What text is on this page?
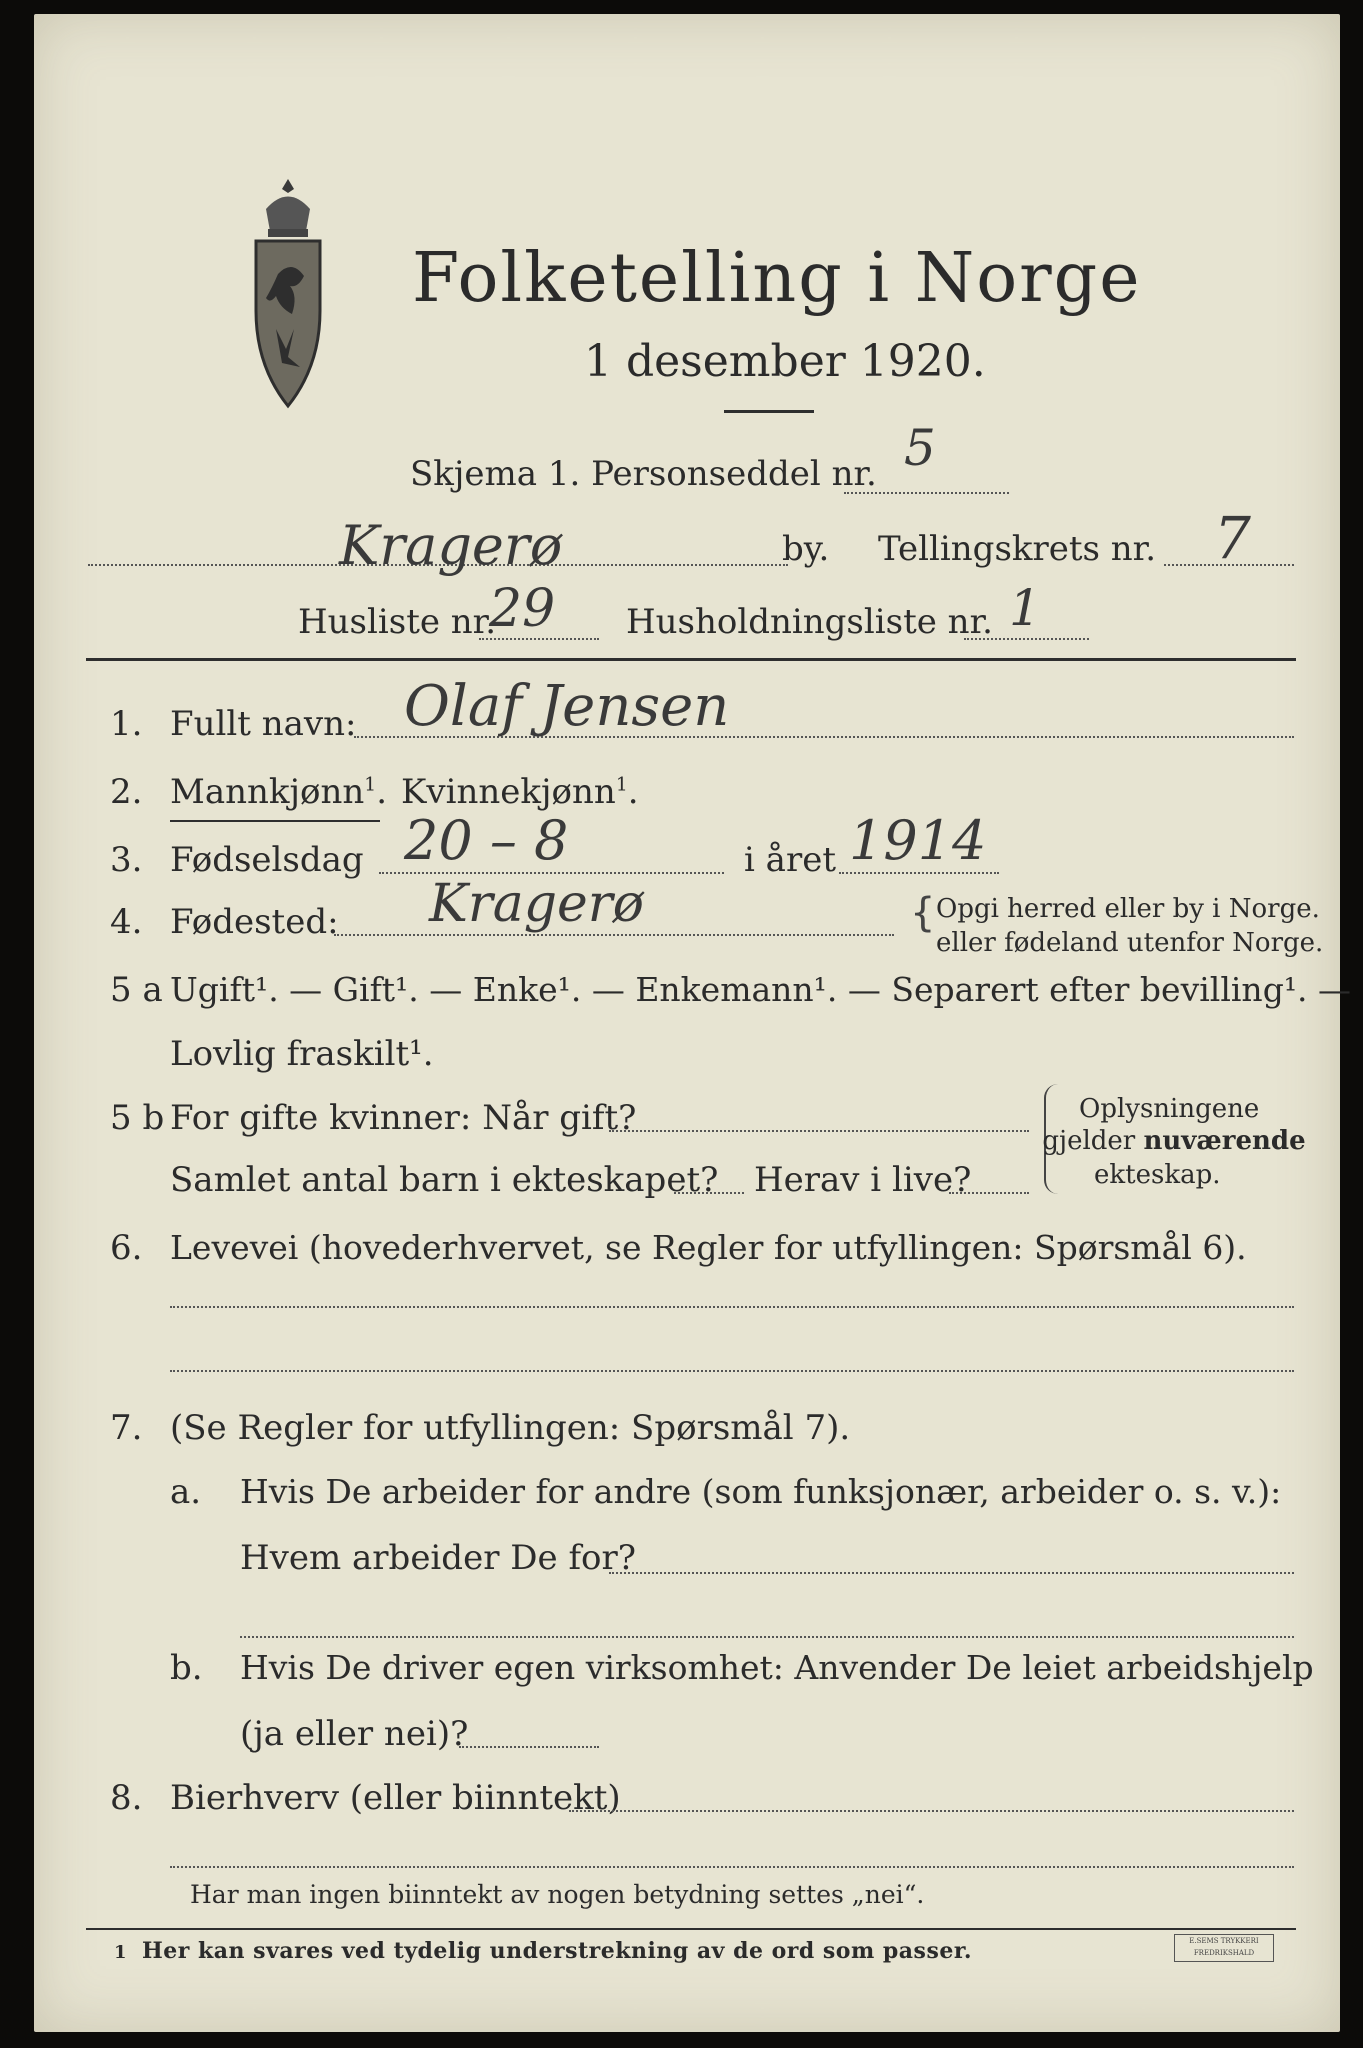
Folketelling i Norge
1 desember 1920.
Skjema 1. Personseddel nr. 5
Kragerø	by. Tellingskrets nr. 7
Husliste nr.
29 Husholdningsliste nr. 1
1. Fullt navn: Olaf Jensen
2. Mannkjønn$^1$. Kvinnekjønn$^1$.
3. Fødselsdag 20 – 8	i året 1914
4. Fødested: Kragerø	{ Opgi herred eller by i Norge.
eller fødeland utenfor Norge.
5 a Ugift¹. — Gift¹. — Enke¹. — Enkemann¹. — Separert efter bevilling¹. —
Lovlig fraskilt¹.
5 b For gifte kvinner: Når gift?
Samlet antal barn i ekteskapet? Herav i live?
Oplysningene
gjelder nuværende
ekteskap.
6. Levevei (hovederhvervet, se Regler for utfyllingen: Spørsmål 6).
7. (Se Regler for utfyllingen: Spørsmål 7).
a. Hvis De arbeider for andre (som funksjonær, arbeider o. s. v.):
Hvem arbeider De for?
b. Hvis De driver egen virksomhet: Anvender De leiet arbeidshjelp
(ja eller nei)?
8. Bierhverv (eller biinntekt)
Har man ingen biinntekt av nogen betydning settes „nei“.
1 Her kan svares ved tydelig understrekning av de ord som passer.	E.SEMS TRYKKERI FREDRIKSHALD
